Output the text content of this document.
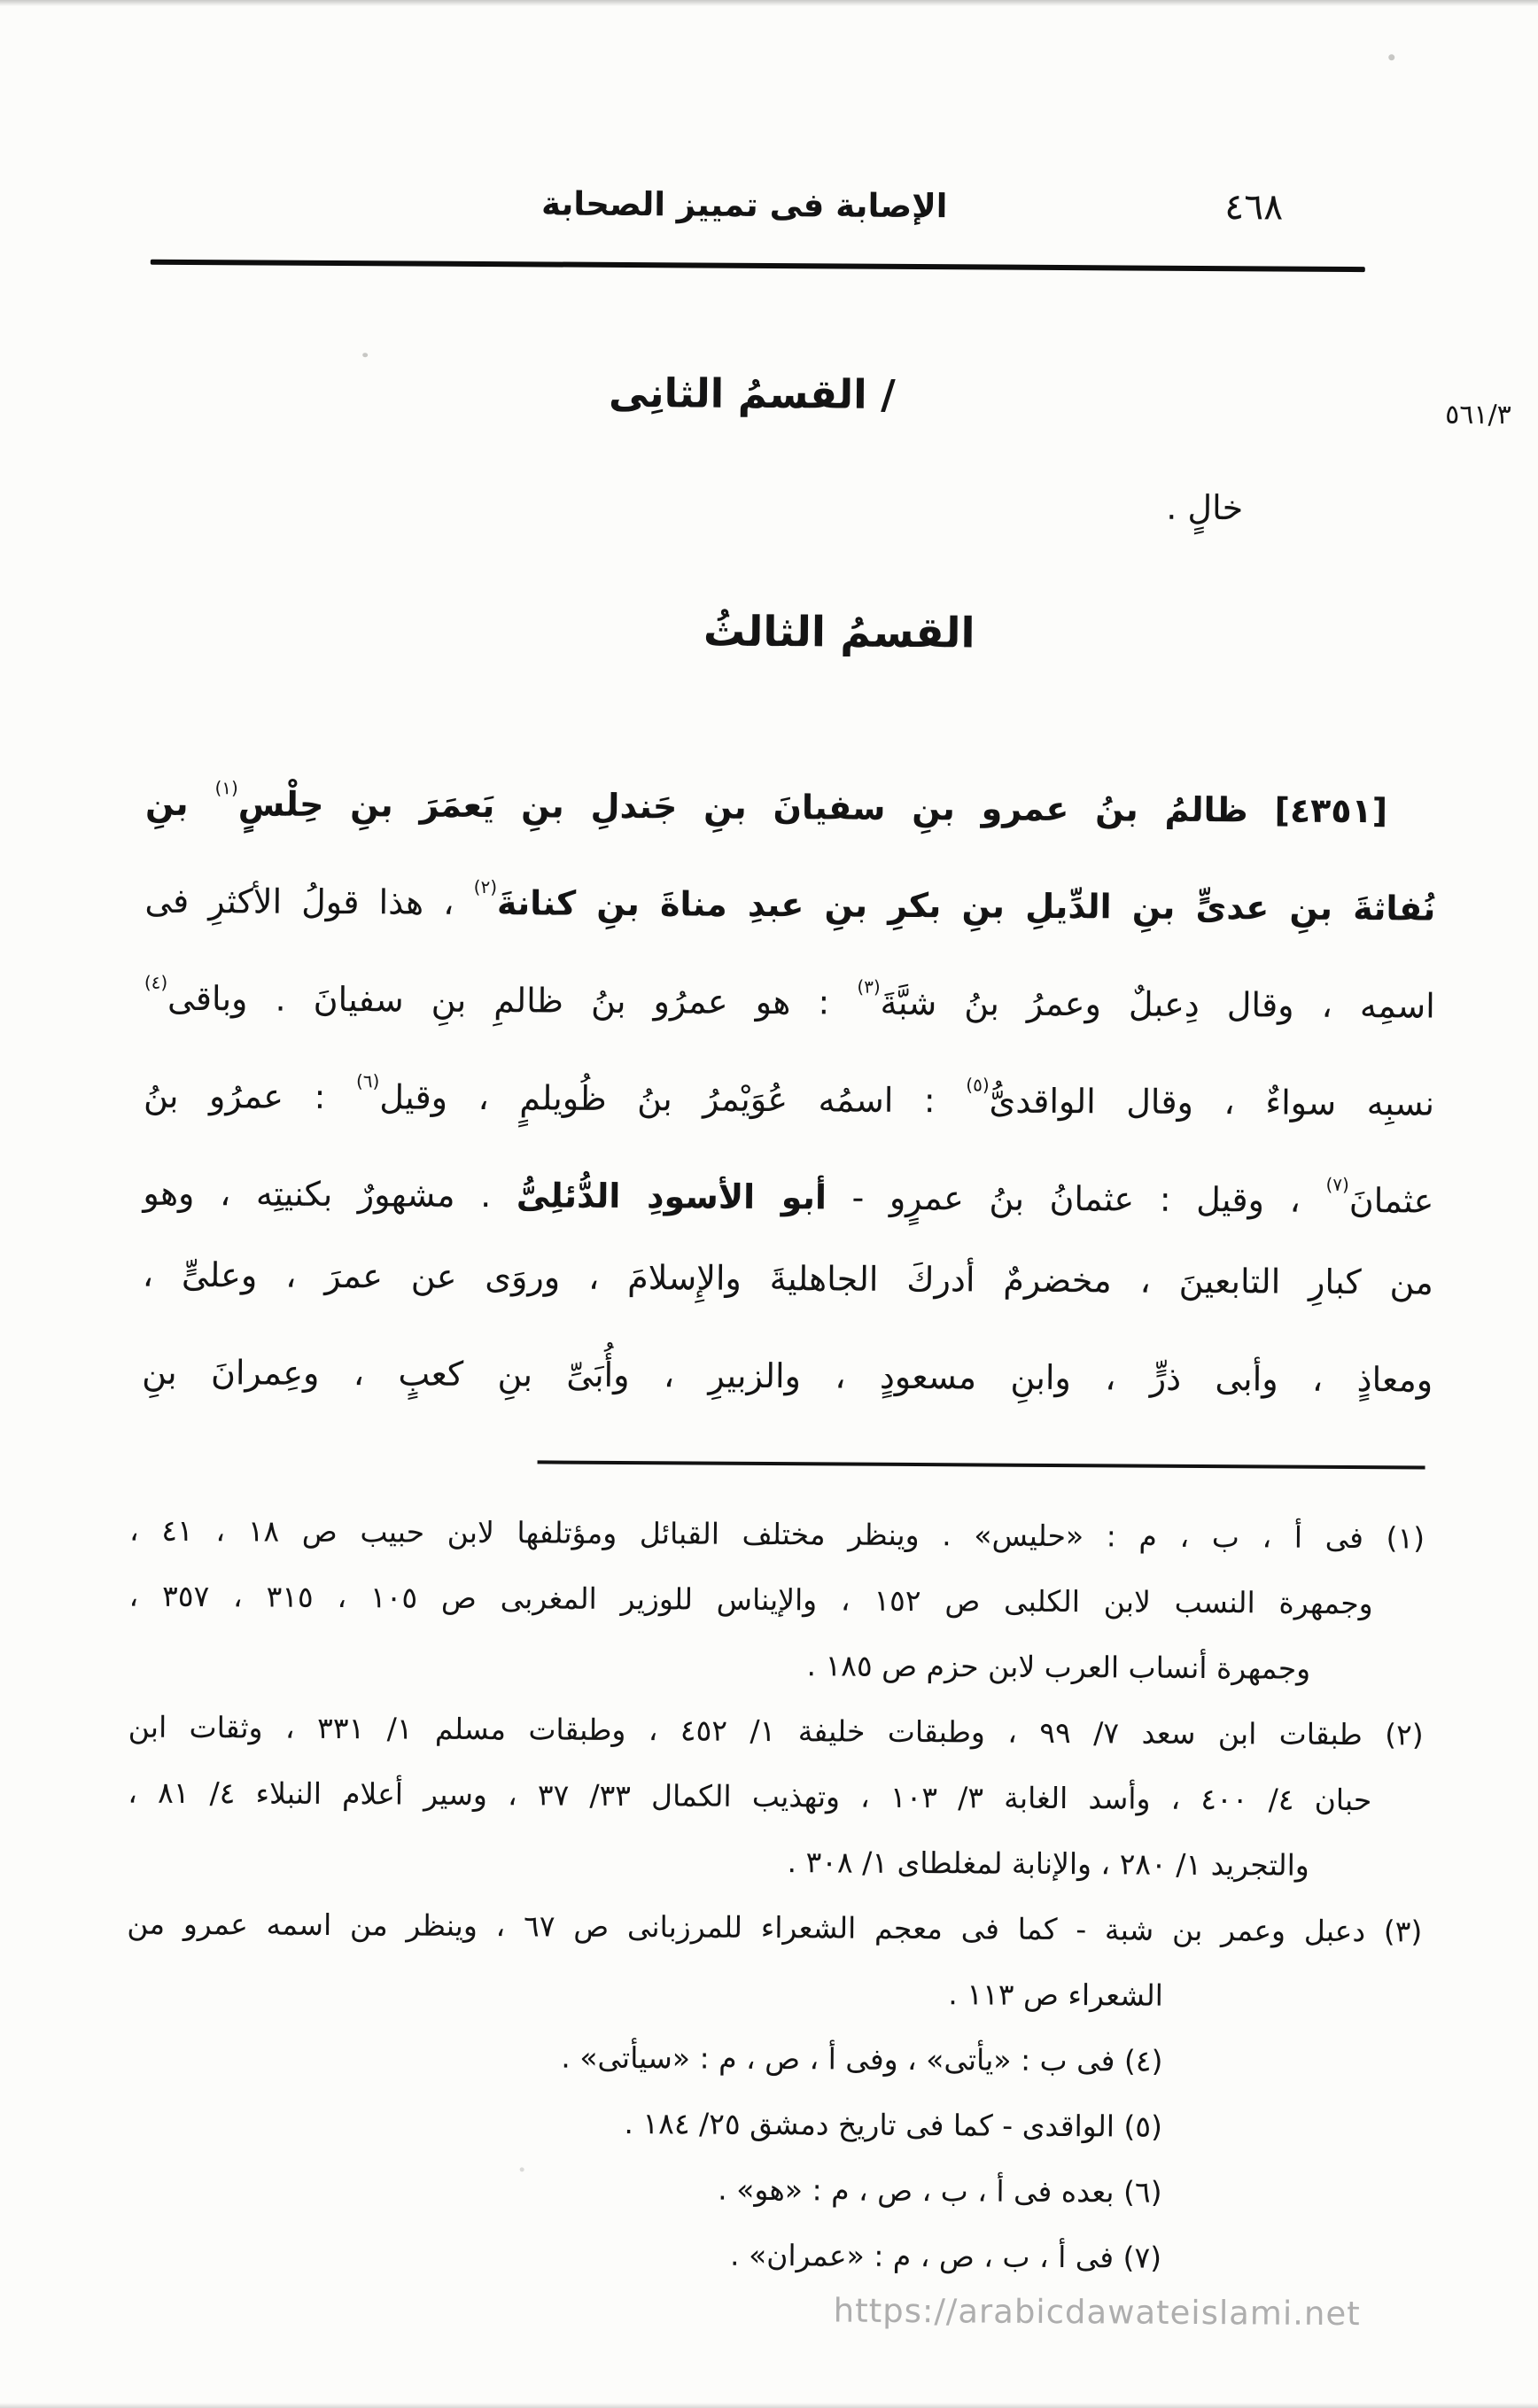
الإصابة فى تمييز الصحابة	٤٦٨
٥٦١/٣
/ القسمُ الثانِى
خالٍ .
القسمُ الثالثُ
[٤٣٥١] ظالمُ بنُ عمرو بنِ سفيانَ بنِ جَندلِ بنِ يَعمَرَ بنِ حِلْسٍ$^{(١)}$ بنِ
نُفاثةَ بنِ عدىٍّ بنِ الدِّيلِ بنِ بكرِ بنِ عبدِ مناةَ بنِ كنانةَ$^{(٢)}$ ، هذا قولُ الأكثرِ فى
اسمِه ، وقال دِعبلٌ وعمرُ بنُ شبَّةَ$^{(٣)}$ : هو عمرُو بنُ ظالمِ بنِ سفيانَ . وباقى$^{(٤)}$
نسبِه سواءٌ ، وقال الواقدىُّ$^{(٥)}$ : اسمُه عُوَيْمرُ بنُ ظُويلمٍ ، وقيل$^{(٦)}$ : عمرُو بنُ
عثمانَ$^{(٧)}$ ، وقيل : عثمانُ بنُ عمرٍو - أبو الأسودِ الدُّئلِىُّ . مشهورٌ بكنيتِه ، وهو
من كبارِ التابعينَ ، مخضرمٌ أدركَ الجاهليةَ والإِسلامَ ، وروَى عن عمرَ ، وعلىٍّ ،
ومعاذٍ ، وأبى ذرٍّ ، وابنِ مسعودٍ ، والزبيرِ ، وأُبَىِّ بنِ كعبٍ ، وعِمرانَ بنِ
(١) فى أ ، ب ، م : «حليس» . وينظر مختلف القبائل ومؤتلفها لابن حبيب ص ١٨ ، ٤١ ،
وجمهرة النسب لابن الكلبى ص ١٥٢ ، والإيناس للوزير المغربى ص ١٠٥ ، ٣١٥ ، ٣٥٧ ،
وجمهرة أنساب العرب لابن حزم ص ١٨٥ .
(٢) طبقات ابن سعد ٧/ ٩٩ ، وطبقات خليفة ١/ ٤٥٢ ، وطبقات مسلم ١/ ٣٣١ ، وثقات ابن
حبان ٤/ ٤٠٠ ، وأسد الغابة ٣/ ١٠٣ ، وتهذيب الكمال ٣٣/ ٣٧ ، وسير أعلام النبلاء ٤/ ٨١ ،
والتجريد ١/ ٢٨٠ ، والإنابة لمغلطاى ١/ ٣٠٨ .
(٣) دعبل وعمر بن شبة - كما فى معجم الشعراء للمرزبانى ص ٦٧ ، وينظر من اسمه عمرو من
الشعراء ص ١١٣ .
(٤) فى ب : «يأتى» ، وفى أ ، ص ، م : «سيأتى» .
(٥) الواقدى - كما فى تاريخ دمشق ٢٥/ ١٨٤ .
(٦) بعده فى أ ، ب ، ص ، م : «هو» .
(٧) فى أ ، ب ، ص ، م : «عمران» .
https://arabicdawateislami.net
